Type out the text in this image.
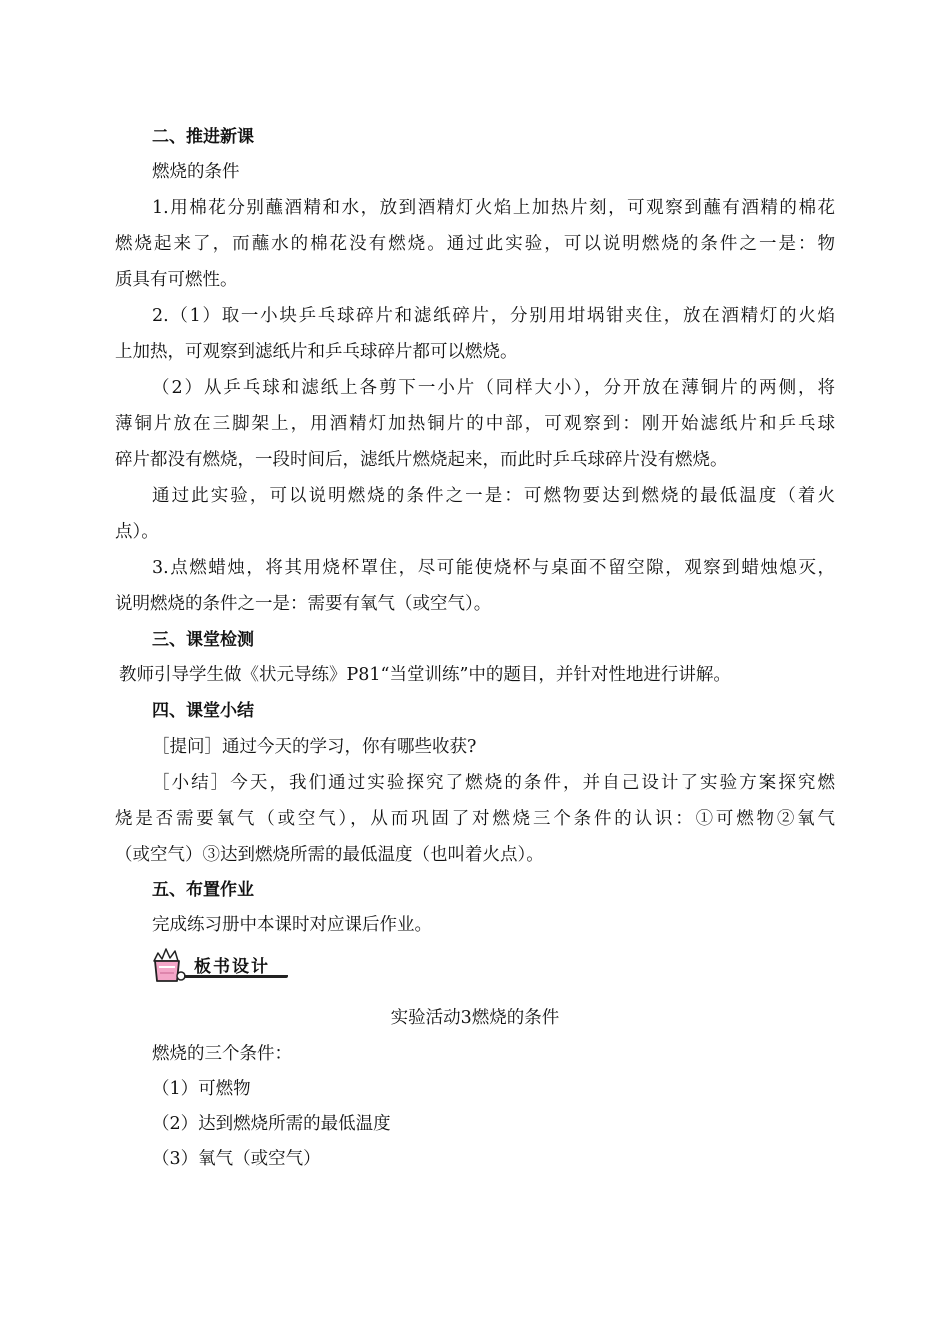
二、推进新课
燃烧的条件
1.用棉花分别蘸酒精和水，放到酒精灯火焰上加热片刻，可观察到蘸有酒精的棉花
燃烧起来了，而蘸水的棉花没有燃烧。通过此实验，可以说明燃烧的条件之一是：物
质具有可燃性。
2.（1）取一小块乒乓球碎片和滤纸碎片，分别用坩埚钳夹住，放在酒精灯的火焰
上加热，可观察到滤纸片和乒乓球碎片都可以燃烧。
（2）从乒乓球和滤纸上各剪下一小片（同样大小），分开放在薄铜片的两侧，将
薄铜片放在三脚架上，用酒精灯加热铜片的中部，可观察到：刚开始滤纸片和乒乓球
碎片都没有燃烧，一段时间后，滤纸片燃烧起来，而此时乒乓球碎片没有燃烧。
通过此实验，可以说明燃烧的条件之一是：可燃物要达到燃烧的最低温度（着火
点）。
3.点燃蜡烛，将其用烧杯罩住，尽可能使烧杯与桌面不留空隙，观察到蜡烛熄灭，
说明燃烧的条件之一是：需要有氧气（或空气）。
三、课堂检测
教师引导学生做《状元导练》P81“当堂训练”中的题目，并针对性地进行讲解。
四、课堂小结
［提问］通过今天的学习，你有哪些收获?
［小结］今天，我们通过实验探究了燃烧的条件，并自己设计了实验方案探究燃
烧是否需要氧气（或空气），从而巩固了对燃烧三个条件的认识：①可燃物②氧气
（或空气）③达到燃烧所需的最低温度（也叫着火点）。
五、布置作业
完成练习册中本课时对应课后作业。
板书设计
实验活动3燃烧的条件
燃烧的三个条件：
（1）可燃物
（2）达到燃烧所需的最低温度
（3）氧气（或空气）
